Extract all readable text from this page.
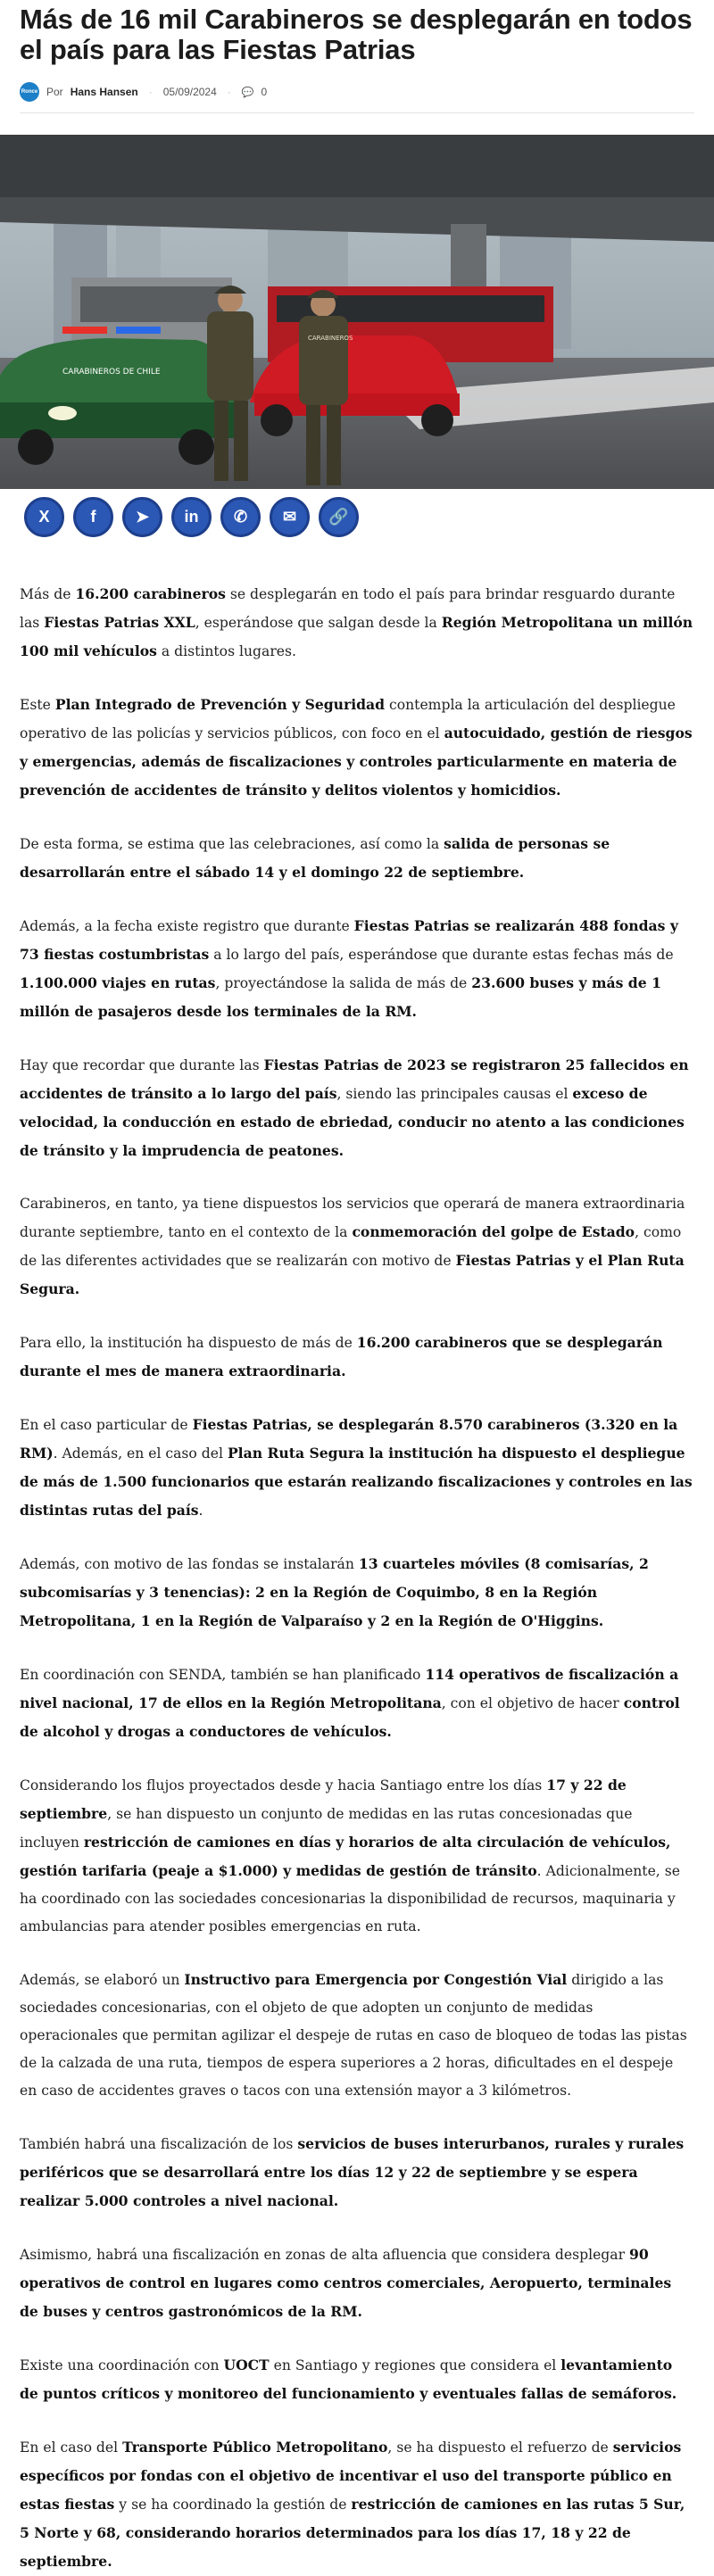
Más de 16 mil Carabineros se desplegarán en todos el país para las Fiestas Patrias
Ronce Por Hans Hansen · 05/09/2024 · 💬 0
CARABINEROS DE CHILE
CARABINEROS
X	f ➤ in ✆ ✉ 🔗

Más de 16.200 carabineros se desplegarán en todo el país para brindar resguardo durante las Fiestas Patrias XXL, esperándose que salgan desde la Región Metropolitana un millón 100 mil vehículos a distintos lugares.

Este Plan Integrado de Prevención y Seguridad contempla la articulación del despliegue operativo de las policías y servicios públicos, con foco en el autocuidado, gestión de riesgos y emergencias, además de fiscalizaciones y controles particularmente en materia de prevención de accidentes de tránsito y delitos violentos y homicidios.

De esta forma, se estima que las celebraciones, así como la salida de personas se desarrollarán entre el sábado 14 y el domingo 22 de septiembre.

Además, a la fecha existe registro que durante Fiestas Patrias se realizarán 488 fondas y 73 fiestas costumbristas a lo largo del país, esperándose que durante estas fechas más de 1.100.000 viajes en rutas, proyectándose la salida de más de 23.600 buses y más de 1 millón de pasajeros desde los terminales de la RM.

Hay que recordar que durante las Fiestas Patrias de 2023 se registraron 25 fallecidos en accidentes de tránsito a lo largo del país, siendo las principales causas el exceso de velocidad, la conducción en estado de ebriedad, conducir no atento a las condiciones de tránsito y la imprudencia de peatones.

Carabineros, en tanto, ya tiene dispuestos los servicios que operará de manera extraordinaria durante septiembre, tanto en el contexto de la conmemoración del golpe de Estado, como de las diferentes actividades que se realizarán con motivo de Fiestas Patrias y el Plan Ruta Segura.

Para ello, la institución ha dispuesto de más de 16.200 carabineros que se desplegarán durante el mes de manera extraordinaria.

En el caso particular de Fiestas Patrias, se desplegarán 8.570 carabineros (3.320 en la RM). Además, en el caso del Plan Ruta Segura la institución ha dispuesto el despliegue de más de 1.500 funcionarios que estarán realizando fiscalizaciones y controles en las distintas rutas del país.

Además, con motivo de las fondas se instalarán 13 cuarteles móviles (8 comisarías, 2 subcomisarías y 3 tenencias): 2 en la Región de Coquimbo, 8 en la Región Metropolitana, 1 en la Región de Valparaíso y 2 en la Región de O'Higgins.

En coordinación con SENDA, también se han planificado 114 operativos de fiscalización a nivel nacional, 17 de ellos en la Región Metropolitana, con el objetivo de hacer control de alcohol y drogas a conductores de vehículos.

Considerando los flujos proyectados desde y hacia Santiago entre los días 17 y 22 de septiembre, se han dispuesto un conjunto de medidas en las rutas concesionadas que incluyen restricción de camiones en días y horarios de alta circulación de vehículos, gestión tarifaria (peaje a $1.000) y medidas de gestión de tránsito. Adicionalmente, se ha coordinado con las sociedades concesionarias la disponibilidad de recursos, maquinaria y ambulancias para atender posibles emergencias en ruta.

Además, se elaboró un Instructivo para Emergencia por Congestión Vial dirigido a las sociedades concesionarias, con el objeto de que adopten un conjunto de medidas operacionales que permitan agilizar el despeje de rutas en caso de bloqueo de todas las pistas de la calzada de una ruta, tiempos de espera superiores a 2 horas, dificultades en el despeje en caso de accidentes graves o tacos con una extensión mayor a 3 kilómetros.

También habrá una fiscalización de los servicios de buses interurbanos, rurales y rurales periféricos que se desarrollará entre los días 12 y 22 de septiembre y se espera realizar 5.000 controles a nivel nacional.

Asimismo, habrá una fiscalización en zonas de alta afluencia que considera desplegar 90 operativos de control en lugares como centros comerciales, Aeropuerto, terminales de buses y centros gastronómicos de la RM.

Existe una coordinación con UOCT en Santiago y regiones que considera el levantamiento de puntos críticos y monitoreo del funcionamiento y eventuales fallas de semáforos.

En el caso del Transporte Público Metropolitano, se ha dispuesto el refuerzo de servicios específicos por fondas con el objetivo de incentivar el uso del transporte público en estas fiestas y se ha coordinado la gestión de restricción de camiones en las rutas 5 Sur, 5 Norte y 68, considerando horarios determinados para los días 17, 18 y 22 de septiembre.
